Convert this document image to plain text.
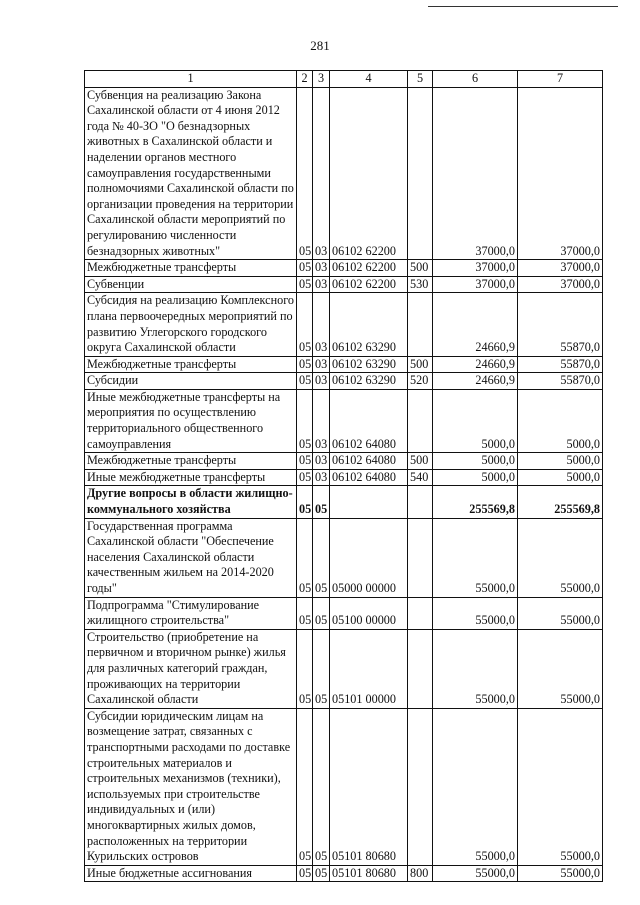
281
1	2	3	4	5	6	7
Субвенция на реализацию Закона Сахалинской области от 4 июня 2012 года № 40-ЗО "О безнадзорных животных в Сахалинской области и наделении органов местного самоуправления государственными полномочиями Сахалинской области по организации проведения на территории Сахалинской области мероприятий по регулированию численности безнадзорных животных"	05	03	06102 62200		37000,0	37000,0
Межбюджетные трансферты	05	03	06102 62200	500	37000,0	37000,0
Субвенции	05	03	06102 62200	530	37000,0	37000,0
Субсидия на реализацию Комплексного плана первоочередных мероприятий по развитию Углегорского городского округа Сахалинской области	05	03	06102 63290		24660,9	55870,0
Межбюджетные трансферты	05	03	06102 63290	500	24660,9	55870,0
Субсидии	05	03	06102 63290	520	24660,9	55870,0
Иные межбюджетные трансферты на мероприятия по осуществлению территориального общественного самоуправления	05	03	06102 64080		5000,0	5000,0
Межбюджетные трансферты	05	03	06102 64080	500	5000,0	5000,0
Иные межбюджетные трансферты	05	03	06102 64080	540	5000,0	5000,0
Другие вопросы в области жилищно-коммунального хозяйства	05	05			255569,8	255569,8
Государственная программа Сахалинской области "Обеспечение населения Сахалинской области качественным жильем на 2014-2020 годы"	05	05	05000 00000		55000,0	55000,0
Подпрограмма "Стимулирование жилищного строительства"	05	05	05100 00000		55000,0	55000,0
Строительство (приобретение на первичном и вторичном рынке) жилья для различных категорий граждан, проживающих на территории Сахалинской области	05	05	05101 00000		55000,0	55000,0
Субсидии юридическим лицам на возмещение затрат, связанных с транспортными расходами по доставке строительных материалов и строительных механизмов (техники), используемых при строительстве индивидуальных и (или) многоквартирных жилых домов, расположенных на территории Курильских островов	05	05	05101 80680		55000,0	55000,0
Иные бюджетные ассигнования	05	05	05101 80680	800	55000,0	55000,0
